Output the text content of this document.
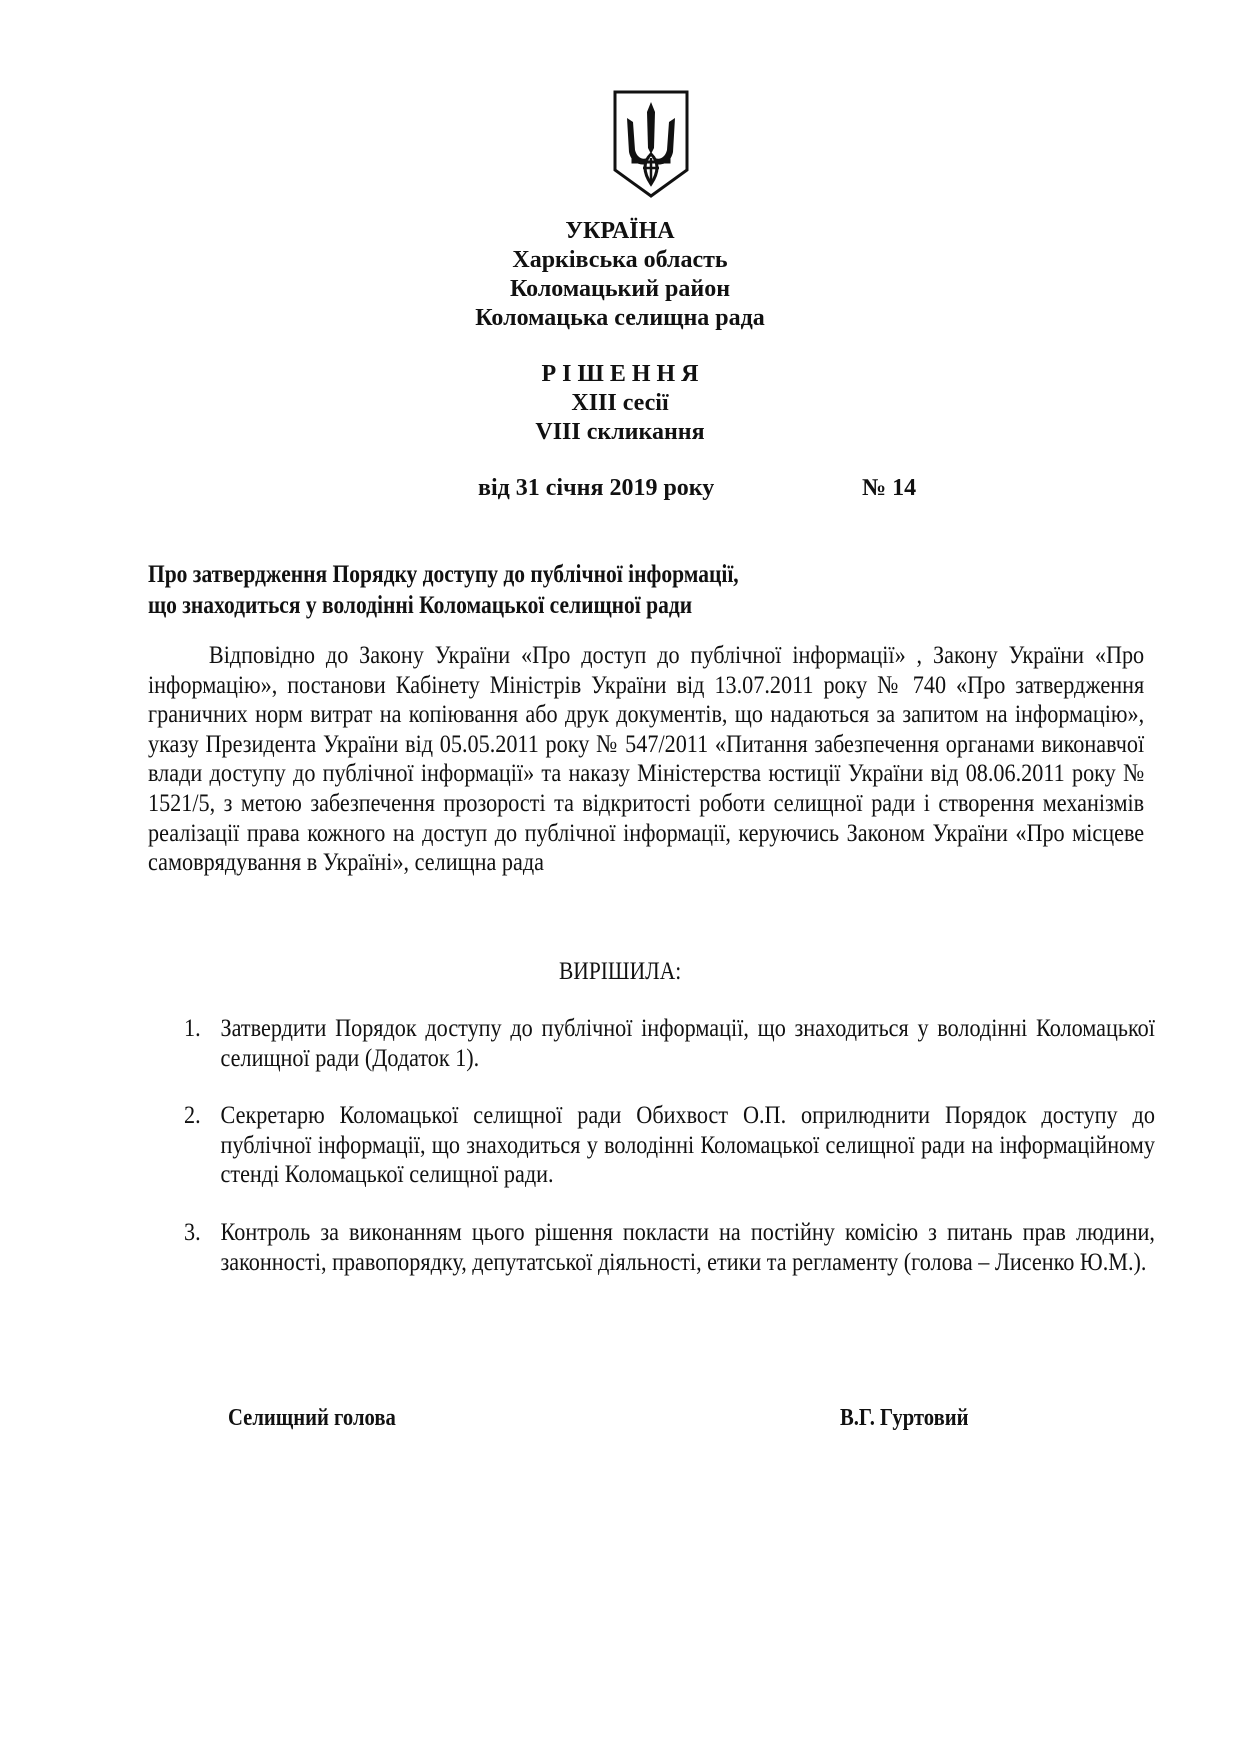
УКРАЇНА
Харківська область
Коломацький район
Коломацька селищна рада
Р І Ш Е Н Н Я
ХІІІ сесії
VІІІ скликання
від 31 січня 2019 року	№ 14
Про затвердження Порядку доступу до публічної інформації,
що знаходиться у володінні Коломацької селищної ради

Відповідно до Закону України «Про доступ до публічної інформації» , Закону України «Про інформацію», постанови Кабінету Міністрів України від 13.07.2011 року № 740 «Про затвердження граничних норм витрат на копіювання або друк документів, що надаються за запитом на інформацію», указу Президента України від 05.05.2011 року № 547/2011 «Питання забезпечення органами виконавчої влади доступу до публічної інформації» та наказу Міністерства юстиції України від 08.06.2011 року № 1521/5, з метою забезпечення прозорості та відкритості роботи селищної ради і створення механізмів реалізації права кожного на доступ до публічної інформації, керуючись Законом України «Про місцеве самоврядування в Україні», селищна рада

ВИРІШИЛА:
1. Затвердити Порядок доступу до публічної інформації, що знаходиться у володінні Коломацької селищної ради (Додаток 1).
2. Секретарю Коломацької селищної ради Обихвост О.П. оприлюднити Порядок доступу до публічної інформації, що знаходиться у володінні Коломацької селищної ради на інформаційному стенді Коломацької селищної ради.
3. Контроль за виконанням цього рішення покласти на постійну комісію з питань прав людини, законності, правопорядку, депутатської діяльності, етики та регламенту (голова – Лисенко Ю.М.).
Селищний голова	В.Г. Гуртовий
